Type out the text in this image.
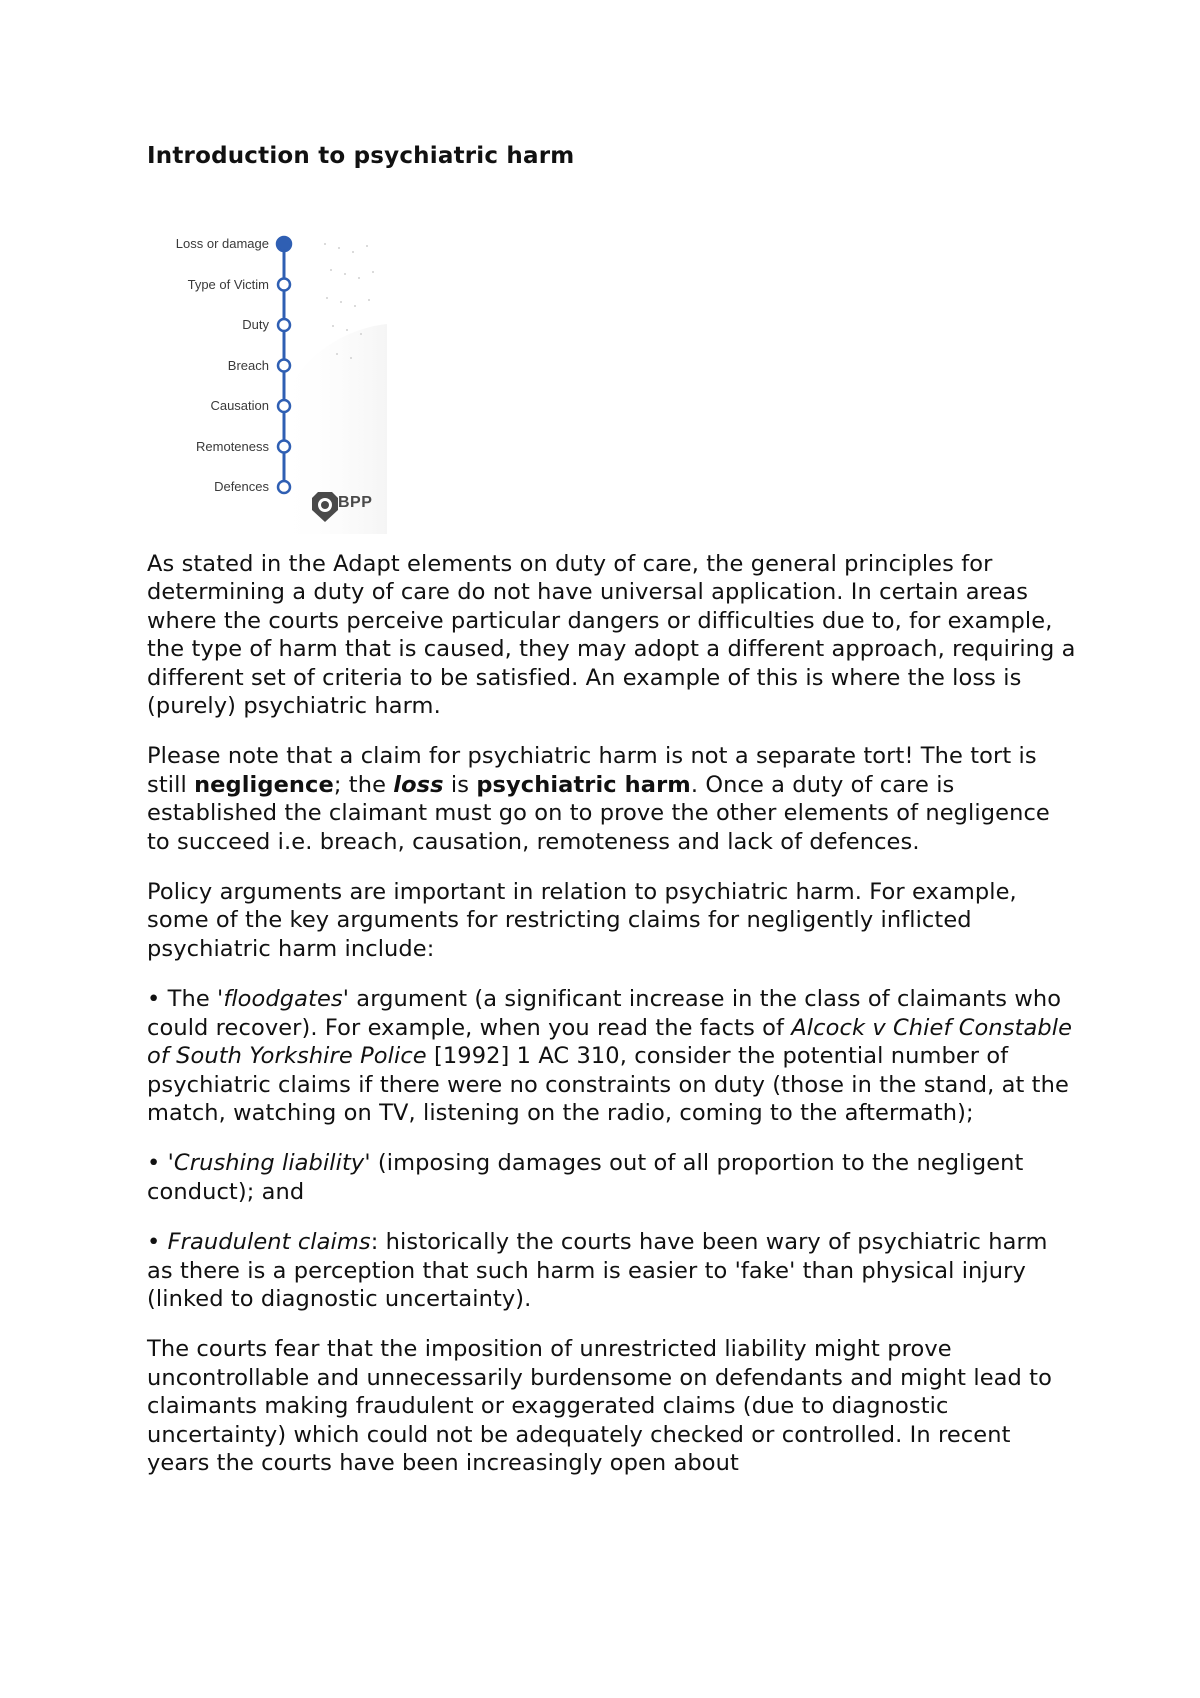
Introduction to psychiatric harm
Loss or damage
Type of Victim
Duty
Breach
Causation
Remoteness
Defences
BPP

As stated in the Adapt elements on duty of care, the general principles for determining a duty of care do not have universal application. In certain areas where the courts perceive particular dangers or difficulties due to, for example, the type of harm that is caused, they may adopt a different approach, requiring a different set of criteria to be satisfied. An example of this is where the loss is (purely) psychiatric harm.

Please note that a claim for psychiatric harm is not a separate tort! The tort is still negligence; the loss is psychiatric harm. Once a duty of care is established the claimant must go on to prove the other elements of negligence to succeed i.e. breach, causation, remoteness and lack of defences.

Policy arguments are important in relation to psychiatric harm. For example, some of the key arguments for restricting claims for negligently inflicted psychiatric harm include:

• The 'floodgates' argument (a significant increase in the class of claimants who could recover). For example, when you read the facts of Alcock v Chief Constable of South Yorkshire Police [1992] 1 AC 310, consider the potential number of psychiatric claims if there were no constraints on duty (those in the stand, at the match, watching on TV, listening on the radio, coming to the aftermath);

• 'Crushing liability' (imposing damages out of all proportion to the negligent conduct); and

• Fraudulent claims: historically the courts have been wary of psychiatric harm as there is a perception that such harm is easier to 'fake' than physical injury (linked to diagnostic uncertainty).

The courts fear that the imposition of unrestricted liability might prove uncontrollable and unnecessarily burdensome on defendants and might lead to claimants making fraudulent or exaggerated claims (due to diagnostic uncertainty) which could not be adequately checked or controlled. In recent years the courts have been increasingly open about
